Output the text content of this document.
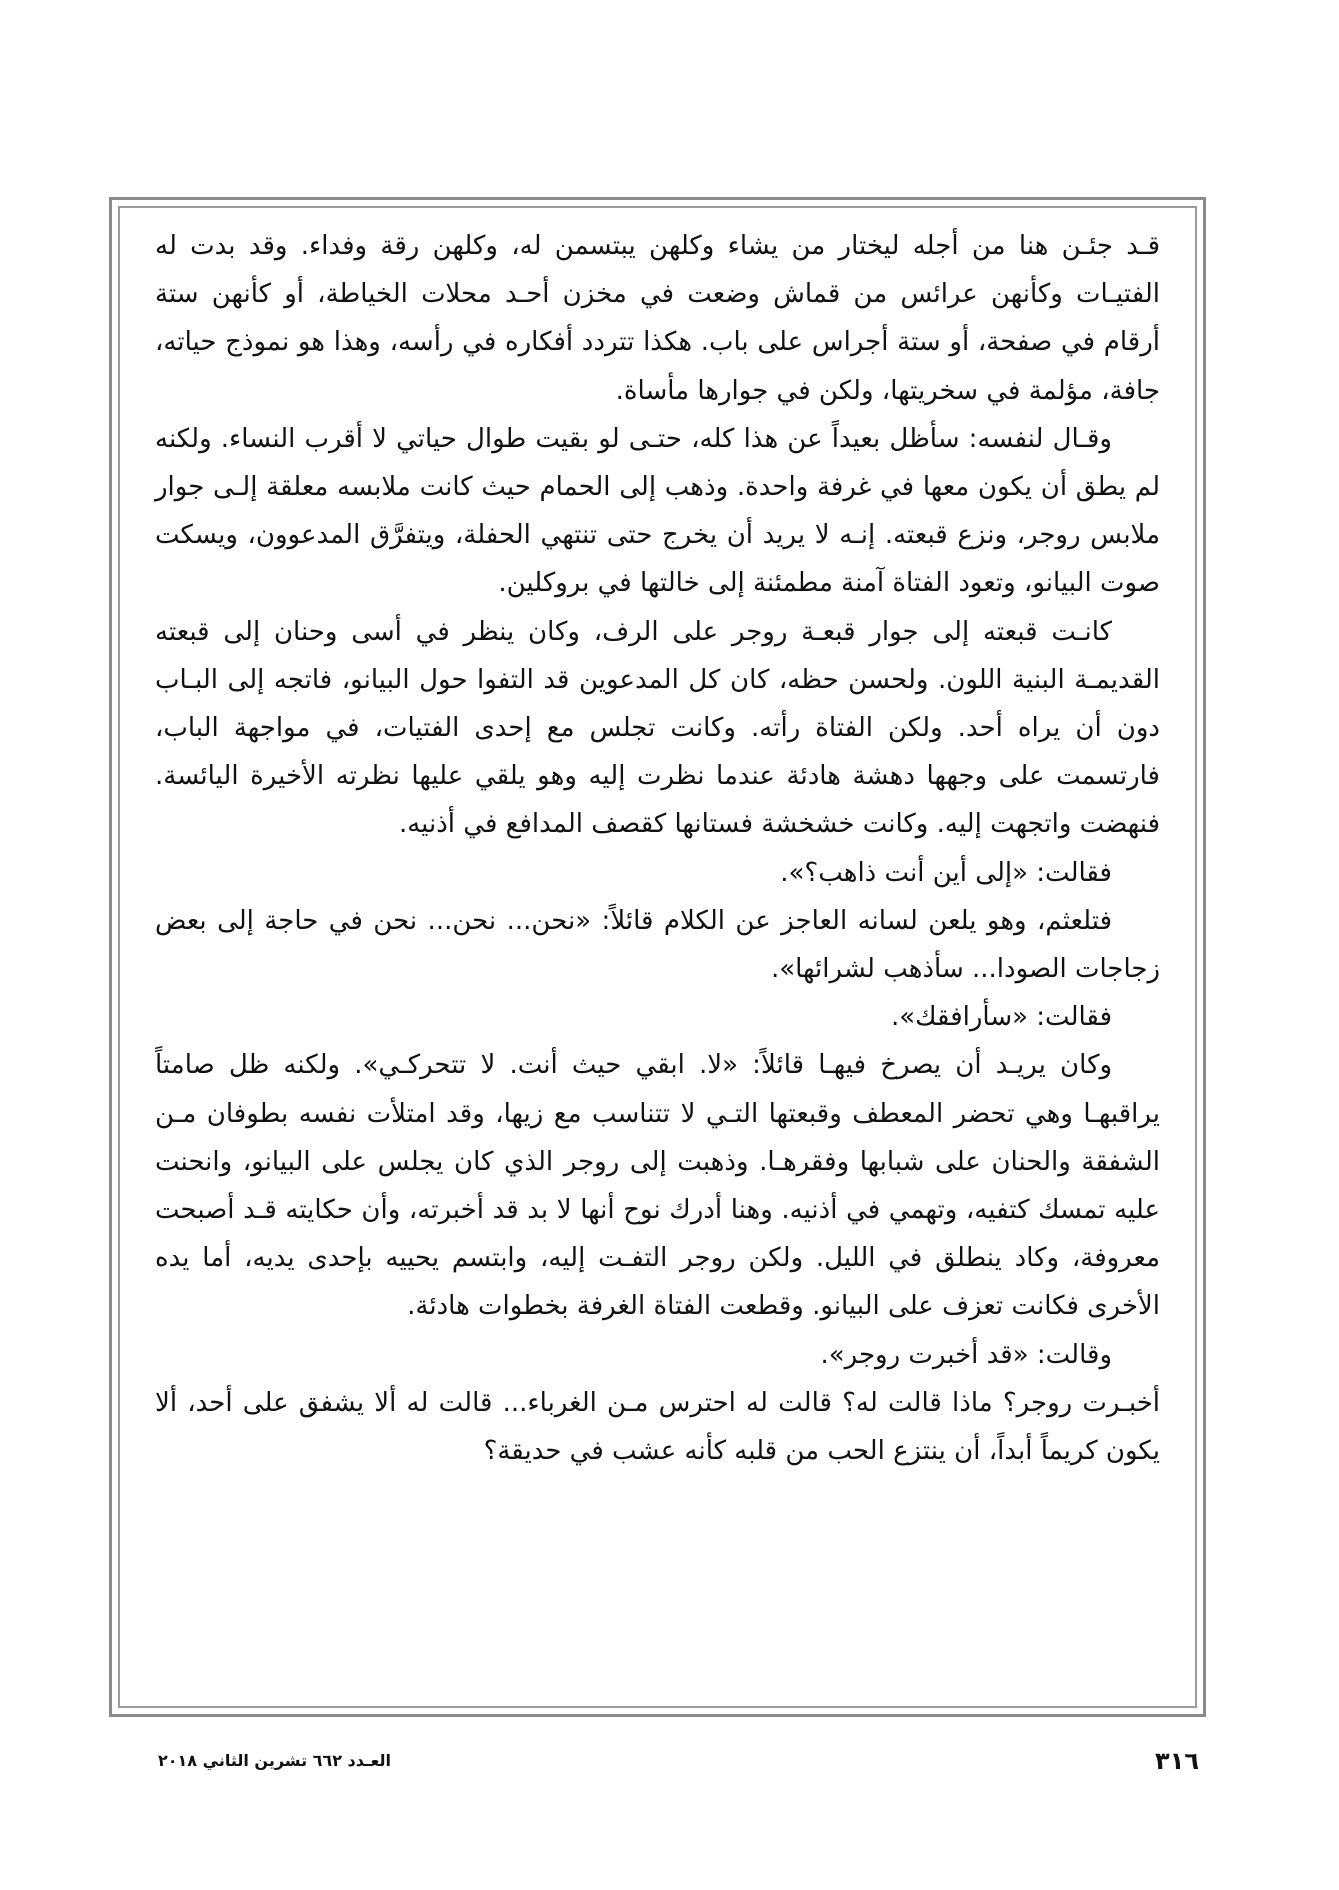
قـد جئـن هنا من أجله ليختار من يشاء وكلهن يبتسمن له، وكلهن رقة وفداء. وقد بدت له الفتيـات وكأنهن عرائس من قماش وضعت في مخزن أحـد محلات الخياطة، أو كأنهن ستة أرقام في صفحة، أو ستة أجراس على باب. هكذا تتردد أفكاره في رأسه، وهذا هو نموذج حياته، جافة، مؤلمة في سخريتها، ولكن في جوارها مأساة.

وقـال لنفسه: سأظل بعيداً عن هذا كله، حتـى لو بقيت طوال حياتي لا أقرب النساء. ولكنه لم يطق أن يكون معها في غرفة واحدة. وذهب إلى الحمام حيث كانت ملابسه معلقة إلـى جوار ملابس روجر، ونزع قبعته. إنـه لا يريد أن يخرج حتى تنتهي الحفلة، ويتفرَّق المدعوون، ويسكت صوت البيانو، وتعود الفتاة آمنة مطمئنة إلى خالتها في بروكلين.

كانـت قبعته إلى جوار قبعـة روجر على الرف، وكان ينظر في أسى وحنان إلى قبعته القديمـة البنية اللون. ولحسن حظه، كان كل المدعوين قد التفوا حول البيانو، فاتجه إلى البـاب دون أن يراه أحد. ولكن الفتاة رأته. وكانت تجلس مع إحدى الفتيات، في مواجهة الباب، فارتسمت على وجهها دهشة هادئة عندما نظرت إليه وهو يلقي عليها نظرته الأخيرة اليائسة. فنهضت واتجهت إليه. وكانت خشخشة فستانها كقصف المدافع في أذنيه.

فقالت: «إلى أين أنت ذاهب؟».

فتلعثم، وهو يلعن لسانه العاجز عن الكلام قائلاً: «نحن... نحن... نحن في حاجة إلى بعض زجاجات الصودا... سأذهب لشرائها».

فقالت: «سأرافقك».

وكان يريـد أن يصرخ فيهـا قائلاً: «لا. ابقي حيث أنت. لا تتحركـي». ولكنه ظل صامتاً يراقبهـا وهي تحضر المعطف وقبعتها التـي لا تتناسب مع زيها، وقد امتلأت نفسه بطوفان مـن الشفقة والحنان على شبابها وفقرهـا. وذهبت إلى روجر الذي كان يجلس على البيانو، وانحنت عليه تمسك كتفيه، وتهمي في أذنيه. وهنا أدرك نوح أنها لا بد قد أخبرته، وأن حكايته قـد أصبحت معروفة، وكاد ينطلق في الليل. ولكن روجر التفـت إليه، وابتسم يحييه بإحدى يديه، أما يده الأخرى فكانت تعزف على البيانو. وقطعت الفتاة الغرفة بخطوات هادئة.

وقالت: «قد أخبرت روجر».

أخبـرت روجر؟ ماذا قالت له؟ قالت له احترس مـن الغرباء... قالت له ألا يشفق على أحد، ألا يكون كريماً أبداً، أن ينتزع الحب من قلبه كأنه عشب في حديقة؟

٣١٦
العـدد ٦٦٢ تشرين الثاني ٢٠١٨
